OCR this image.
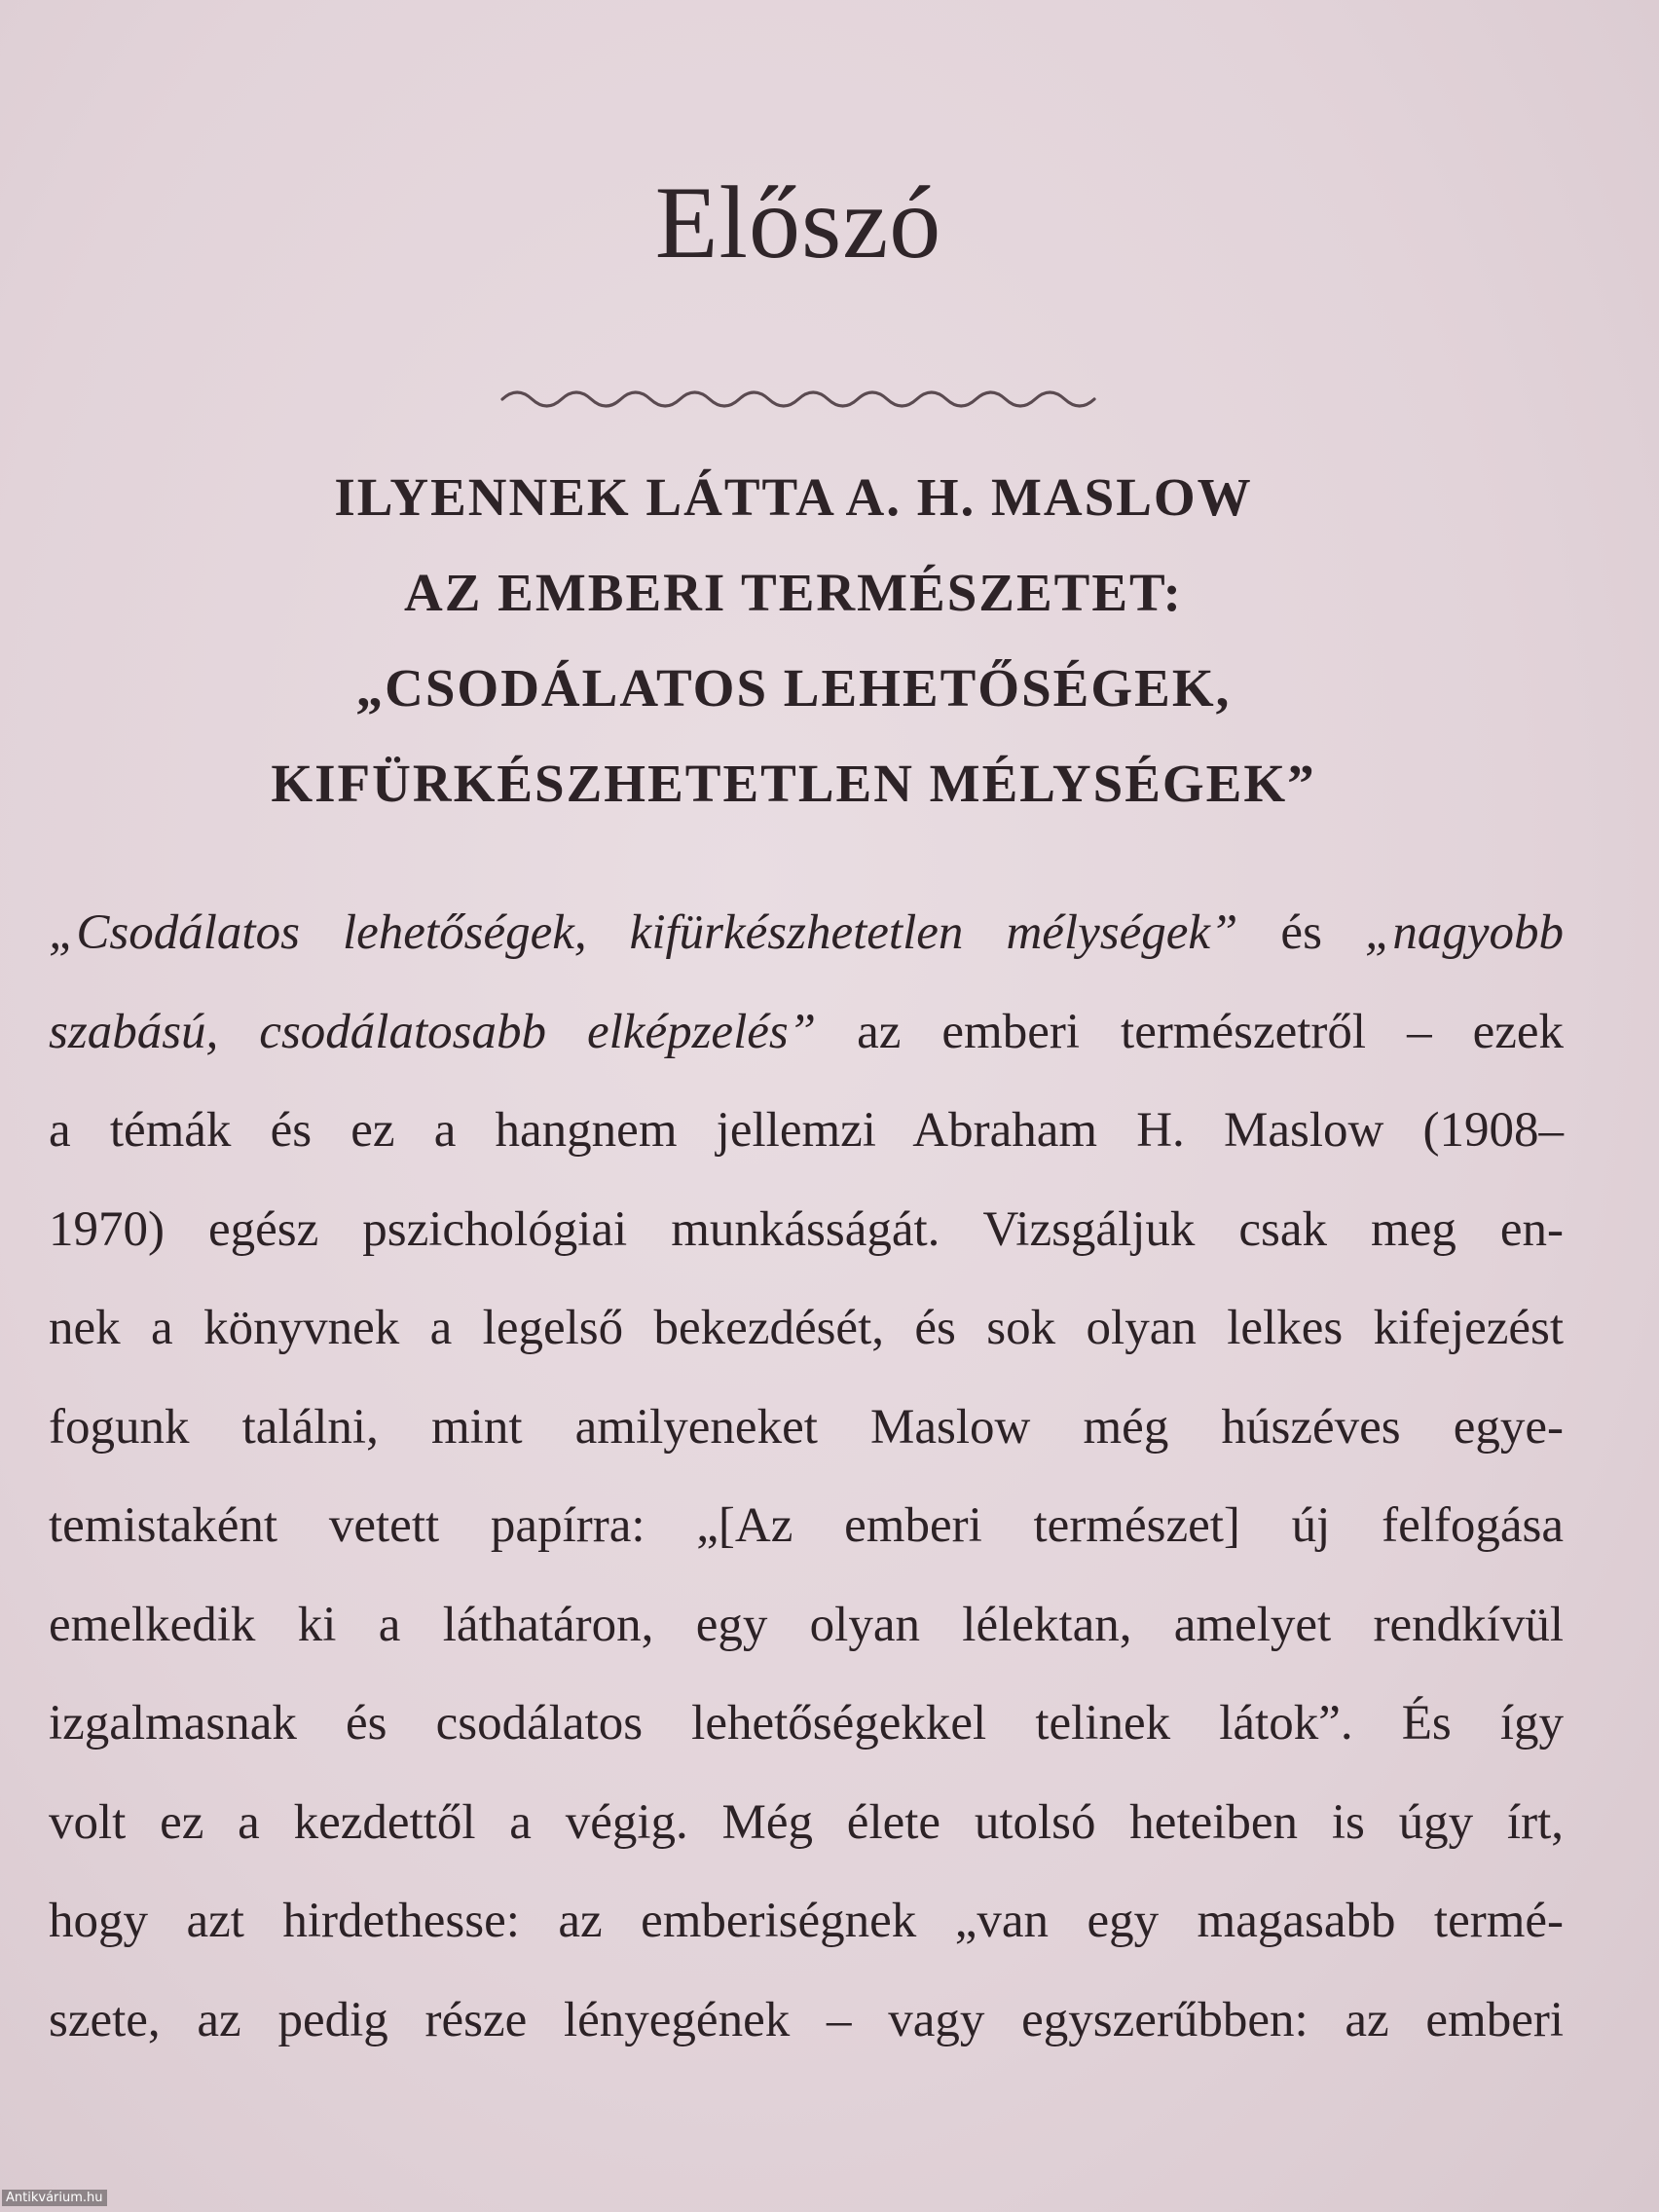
Előszó
ILYENNEK LÁTTA A. H. MASLOW
AZ EMBERI TERMÉSZETET:
„CSODÁLATOS LEHETŐSÉGEK,
KIFÜRKÉSZHETETLEN MÉLYSÉGEK”
„Csodálatos lehetőségek, kifürkészhetetlen mélységek” és „nagyobb
szabású, csodálatosabb elképzelés” az emberi természetről – ezek
a témák és ez a hangnem jellemzi Abraham H. Maslow (1908–
1970) egész pszichológiai munkásságát. Vizsgáljuk csak meg en-
nek a könyvnek a legelső bekezdését, és sok olyan lelkes kifejezést
fogunk találni, mint amilyeneket Maslow még húszéves egye-
temistaként vetett papírra: „[Az emberi természet] új felfogása
emelkedik ki a láthatáron, egy olyan lélektan, amelyet rendkívül
izgalmasnak és csodálatos lehetőségekkel telinek látok”. És így
volt ez a kezdettől a végig. Még élete utolsó heteiben is úgy írt,
hogy azt hirdethesse: az emberiségnek „van egy magasabb termé-
szete, az pedig része lényegének – vagy egyszerűbben: az emberi
Antikvárium.hu
